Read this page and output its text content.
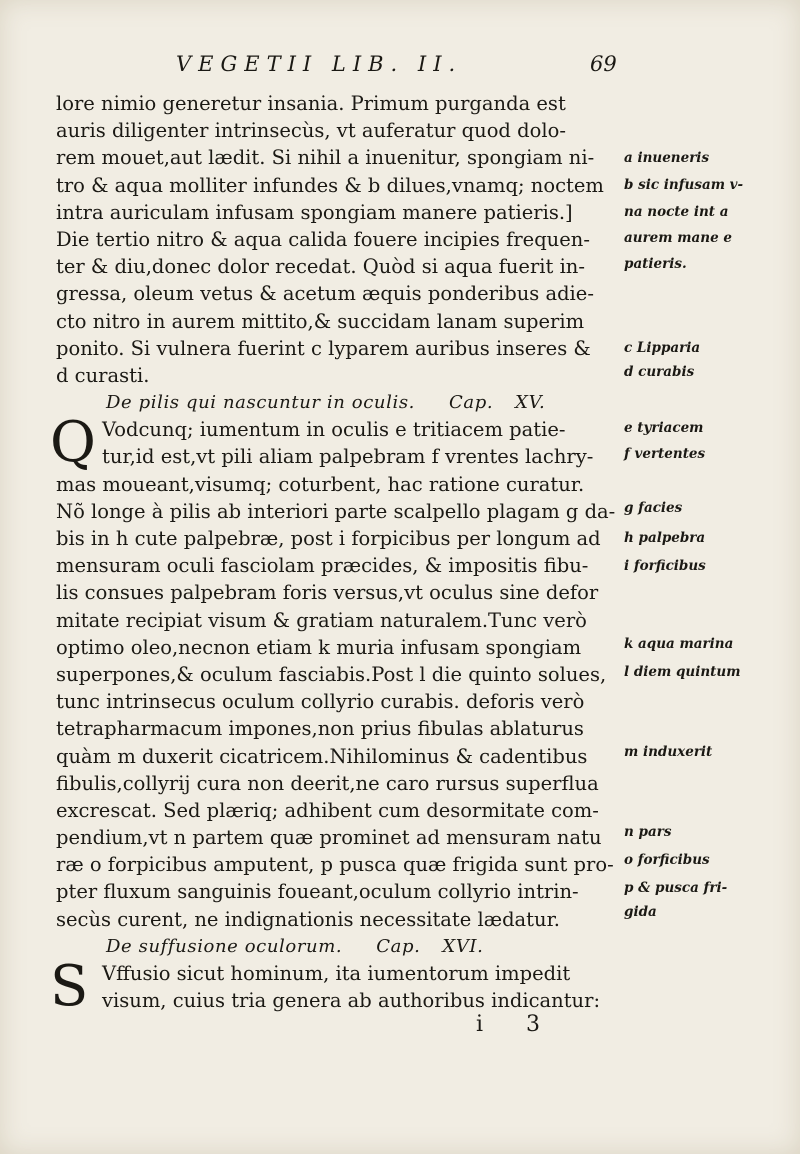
VEGETII LIB. II.	69
lore nimio generetur insania. Primum purganda est
auris diligenter intrinsecùs, vt auferatur quod dolo-
rem mouet,aut lædit. Si nihil a inuenitur, spongiam ni-
tro & aqua molliter infundes & b dilues,vnamq; noctem
intra auriculam infusam spongiam manere patieris.]
Die tertio nitro & aqua calida fouere incipies frequen-
ter & diu,donec dolor recedat. Quòd si aqua fuerit in-
gressa, oleum vetus & acetum æquis ponderibus adie-
cto nitro in aurem mittito,& succidam lanam superim
ponito. Si vulnera fuerint c lyparem auribus inseres &
d curasti.
De pilis qui nascuntur in oculis. Cap. XV.
Q Vodcunq; iumentum in oculis e tritiacem patie-
tur,id est,vt pili aliam palpebram f vrentes lachry-
mas moueant,visumq; coturbent, hac ratione curatur.
Nõ longe à pilis ab interiori parte scalpello plagam g da-
bis in h cute palpebræ, post i forpicibus per longum ad
mensuram oculi fasciolam præcides, & impositis fibu-
lis consues palpebram foris versus,vt oculus sine defor
mitate recipiat visum & gratiam naturalem.Tunc verò
optimo oleo,necnon etiam k muria infusam spongiam
superpones,& oculum fasciabis.Post l die quinto solues,
tunc intrinsecus oculum collyrio curabis. deforis verò
tetrapharmacum impones,non prius fibulas ablaturus
quàm m duxerit cicatricem.Nihilominus & cadentibus
fibulis,collyrij cura non deerit,ne caro rursus superflua
excrescat. Sed plæriq; adhibent cum desormitate com-
pendium,vt n partem quæ prominet ad mensuram natu
ræ o forpicibus amputent, p pusca quæ frigida sunt pro-
pter fluxum sanguinis foueant,oculum collyrio intrin-
secùs curent, ne indignationis necessitate lædatur.
De suffusione oculorum. Cap. XVI.
S Vffusio sicut hominum, ita iumentorum impedit
visum, cuius tria genera ab authoribus indicantur:
a inueneris
b sic infusam v-
na nocte int a
aurem mane e
patieris.
c Lipparia
d curabis
e tyriacem
f vertentes
g facies
h palpebra
i forficibus
k aqua marina
l diem quintum
m induxerit
n pars
o forficibus
p & pusca fri-
gida
i 3
